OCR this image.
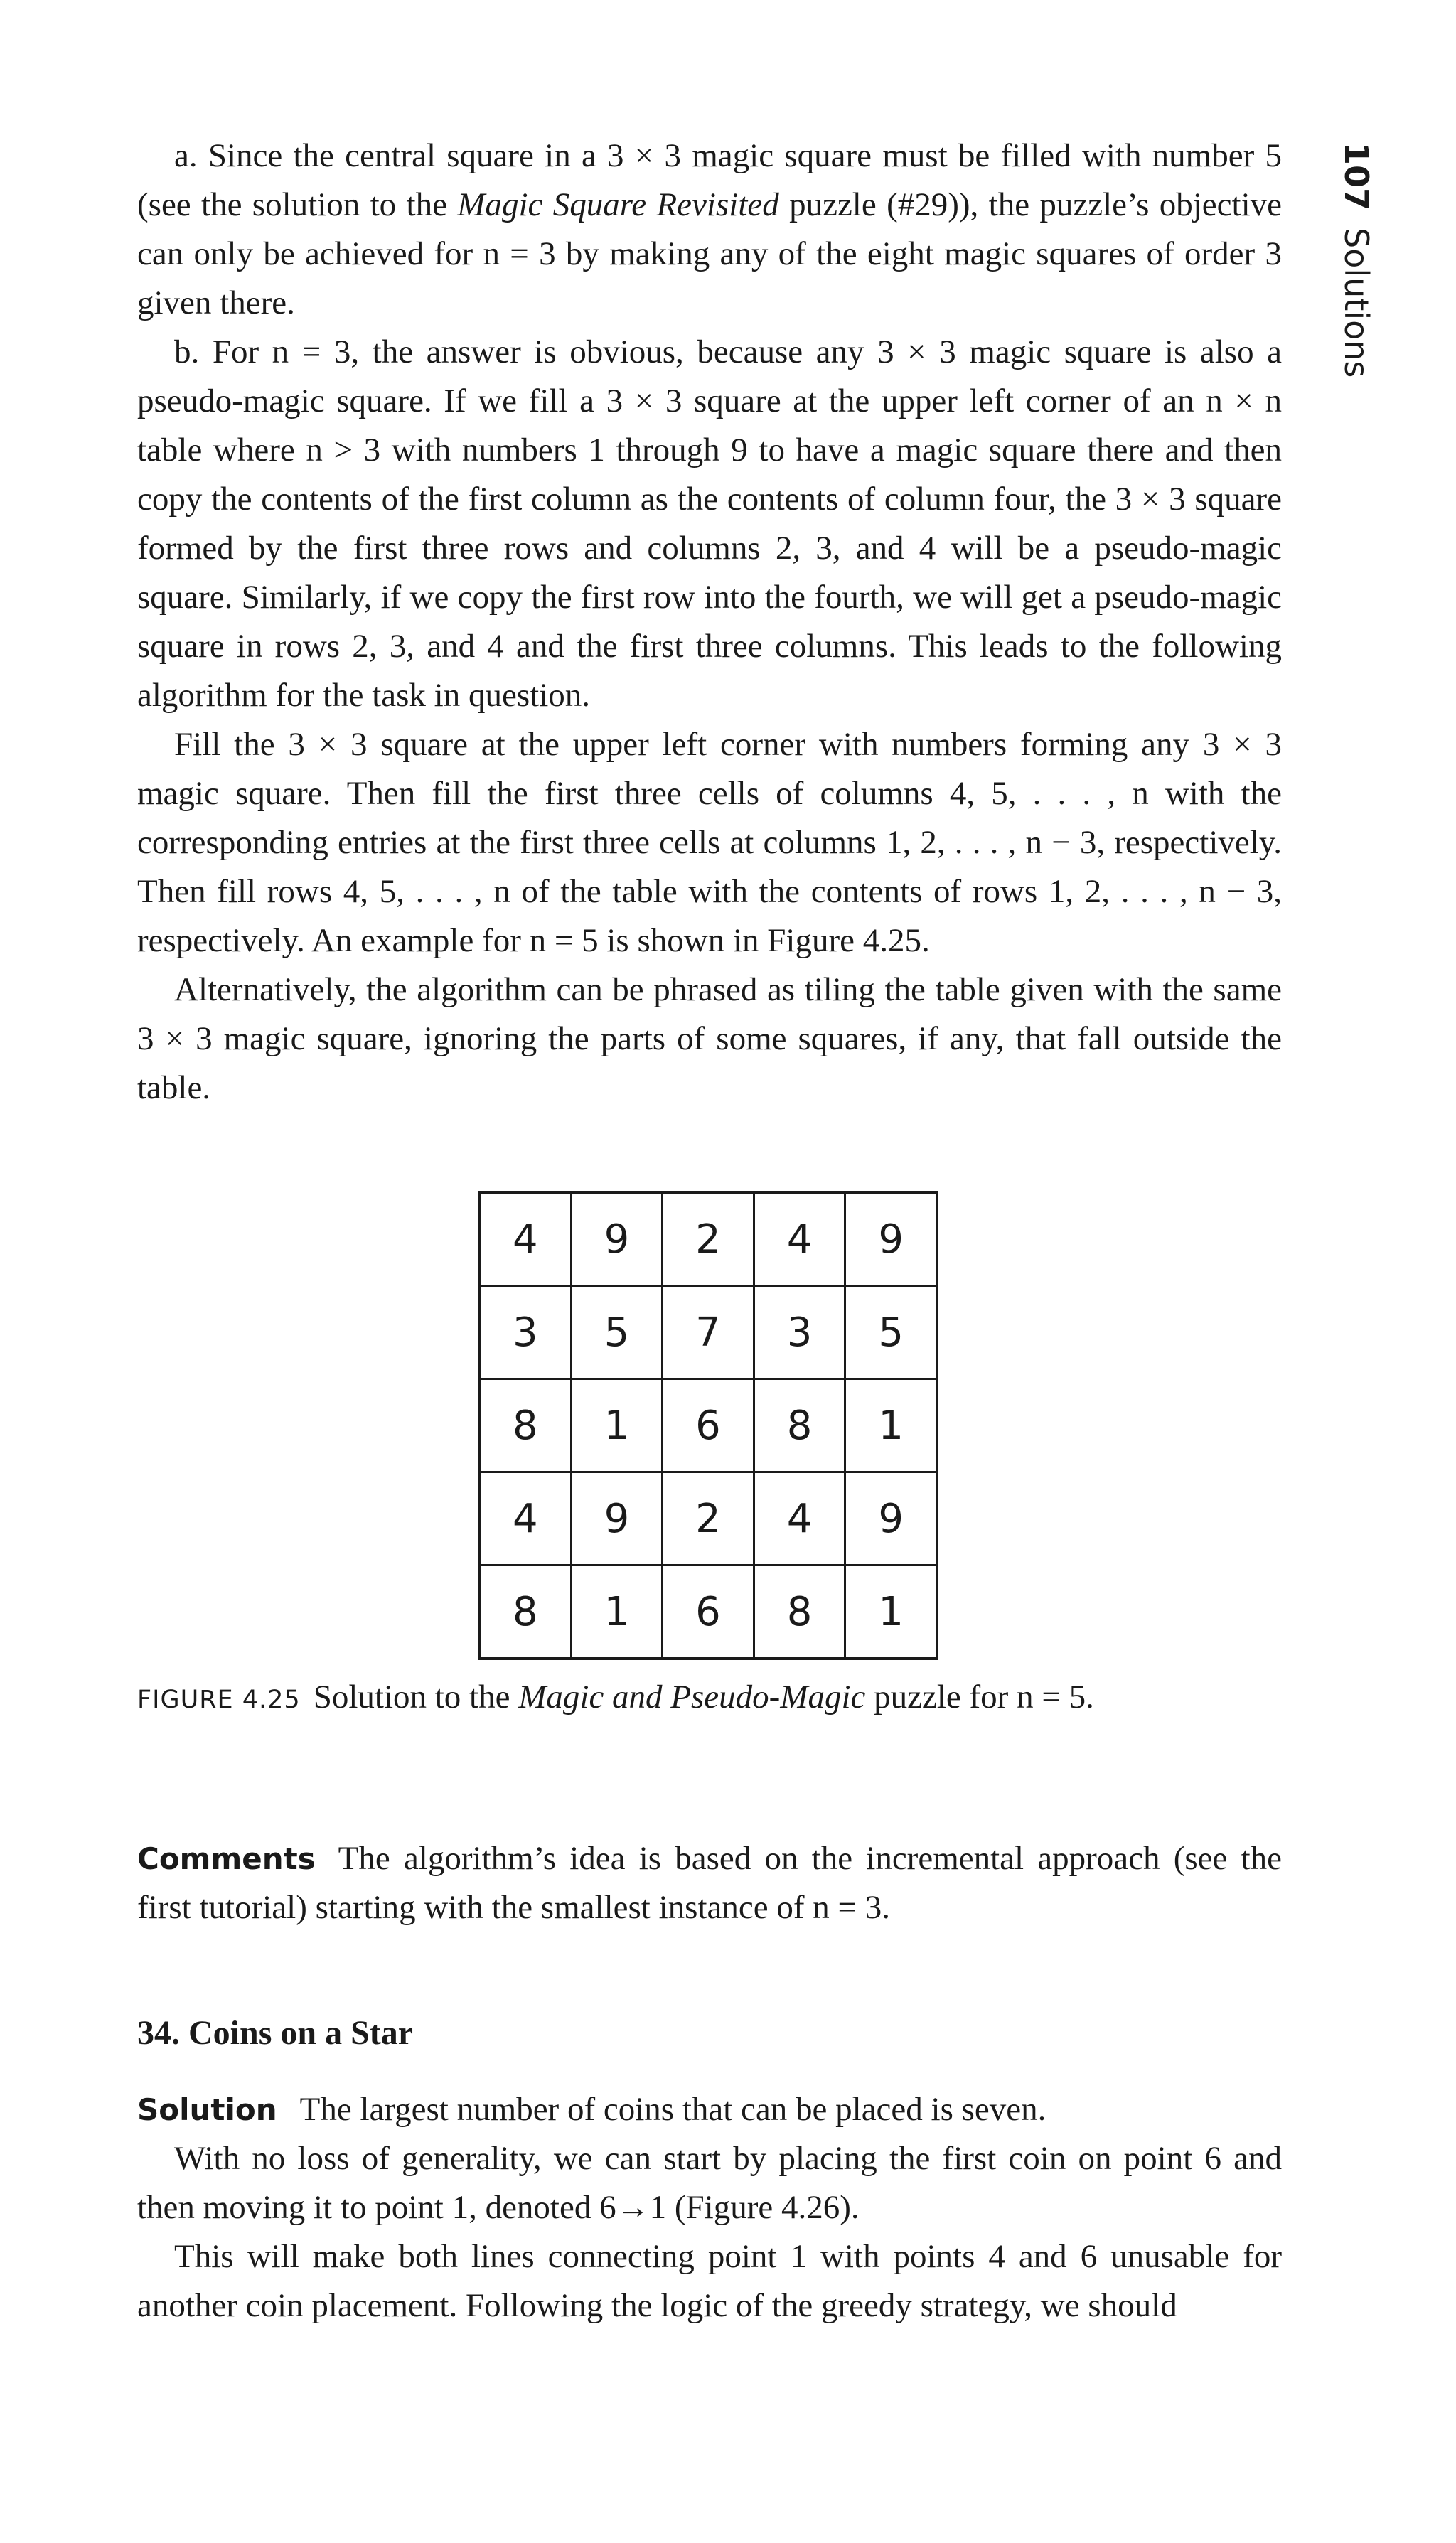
107Solutions

a. Since the central square in a 3 × 3 magic square must be filled with number 5 (see the solution to the Magic Square Revisited puzzle (#29)), the puzzle’s objective can only be achieved for n = 3 by making any of the eight magic squares of order 3 given there.

b. For n = 3, the answer is obvious, because any 3 × 3 magic square is also a pseudo-magic square. If we fill a 3 × 3 square at the upper left corner of an n × n table where n > 3 with numbers 1 through 9 to have a magic square there and then copy the contents of the first column as the contents of column four, the 3 × 3 square formed by the first three rows and columns 2, 3, and 4 will be a pseudo-magic square. Similarly, if we copy the first row into the fourth, we will get a pseudo-magic square in rows 2, 3, and 4 and the first three columns. This leads to the following algorithm for the task in question.

Fill the 3 × 3 square at the upper left corner with numbers forming any 3 × 3 magic square. Then fill the first three cells of columns 4, 5, . . . , n with the corresponding entries at the first three cells at columns 1, 2, . . . , n − 3, respectively. Then fill rows 4, 5, . . . , n of the table with the contents of rows 1, 2, . . . , n − 3, respectively. An example for n = 5 is shown in Figure 4.25.

Alternatively, the algorithm can be phrased as tiling the table given with the same 3 × 3 magic square, ignoring the parts of some squares, if any, that fall outside the table.

4	9	2	4	9
3	5	7	3	5
8	1	6	8	1
4	9	2	4	9
8	1	6	8	1
FIGURE 4.25 Solution to the Magic and Pseudo-Magic puzzle for n = 5.

Comments The algorithm’s idea is based on the incremental approach (see the first tutorial) starting with the smallest instance of n = 3.

34. Coins on a Star

Solution The largest number of coins that can be placed is seven.

With no loss of generality, we can start by placing the first coin on point 6 and then moving it to point 1, denoted 6→1 (Figure 4.26).

This will make both lines connecting point 1 with points 4 and 6 unusable for another coin placement. Following the logic of the greedy strategy, we should
